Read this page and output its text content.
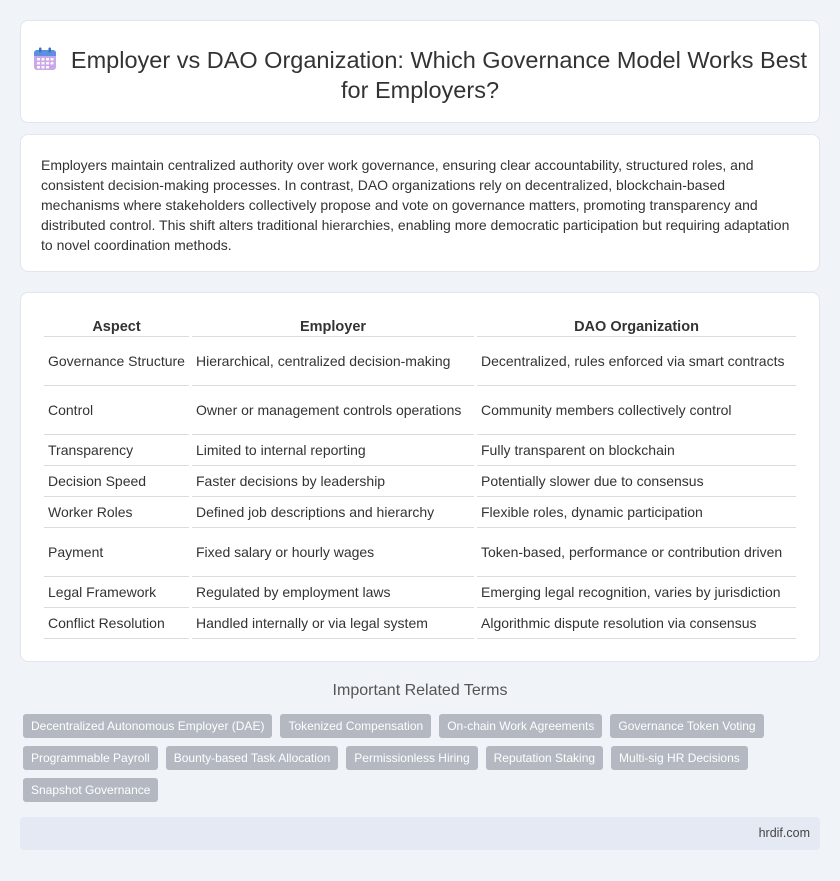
Employer vs DAO Organization: Which Governance Model Works Best for Employers?

Employers maintain centralized authority over work governance, ensuring clear accountability, structured roles, and consistent decision-making processes. In contrast, DAO organizations rely on decentralized, blockchain-based mechanisms where stakeholders collectively propose and vote on governance matters, promoting transparency and distributed control. This shift alters traditional hierarchies, enabling more democratic participation but requiring adaptation to novel coordination methods.

Aspect	Employer	DAO Organization
Governance Structure	Hierarchical, centralized decision-making	Decentralized, rules enforced via smart contracts
Control	Owner or management controls operations	Community members collectively control
Transparency	Limited to internal reporting	Fully transparent on blockchain
Decision Speed	Faster decisions by leadership	Potentially slower due to consensus
Worker Roles	Defined job descriptions and hierarchy	Flexible roles, dynamic participation
Payment	Fixed salary or hourly wages	Token-based, performance or contribution driven
Legal Framework	Regulated by employment laws	Emerging legal recognition, varies by jurisdiction
Conflict Resolution	Handled internally or via legal system	Algorithmic dispute resolution via consensus
Important Related Terms
Decentralized Autonomous Employer (DAE)	Tokenized Compensation	On-chain Work Agreements	Governance Token Voting
Programmable Payroll	Bounty-based Task Allocation	Permissionless Hiring	Reputation Staking	Multi-sig HR Decisions
Snapshot Governance
hrdif.com
